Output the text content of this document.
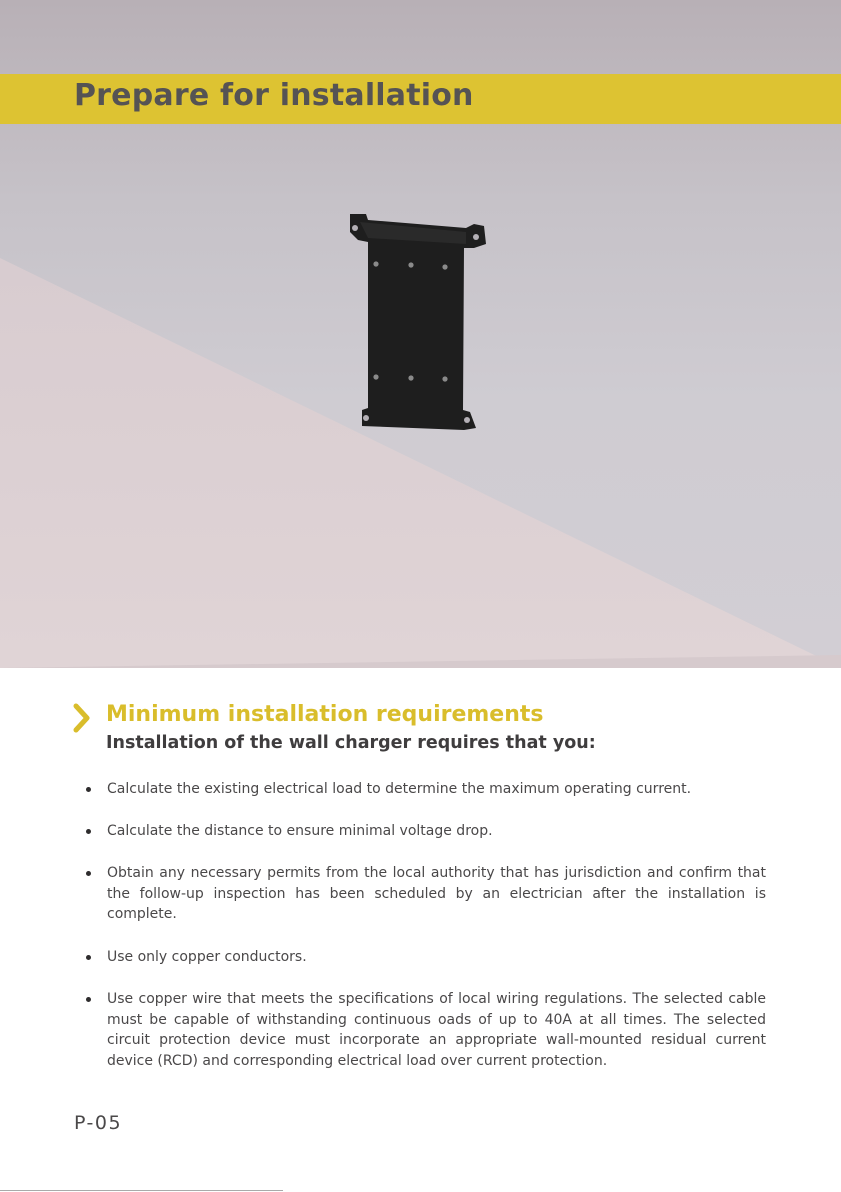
Prepare for installation
Minimum installation requirements
Installation of the wall charger requires that you:
Calculate the existing electrical load to determine the maximum operating current.
Calculate the distance to ensure minimal voltage drop.
Obtain any necessary permits from the local authority that has jurisdiction and confirm that the follow-up inspection has been scheduled by an electrician after the installation is complete.
Use only copper conductors.
Use copper wire that meets the specifications of local wiring regulations. The selected cable must be capable of withstanding continuous oads of up to 40A at all times. The selected circuit protection device must incorporate an appropriate wall-mounted residual current device (RCD) and corresponding electrical load over current protection.
P-05
